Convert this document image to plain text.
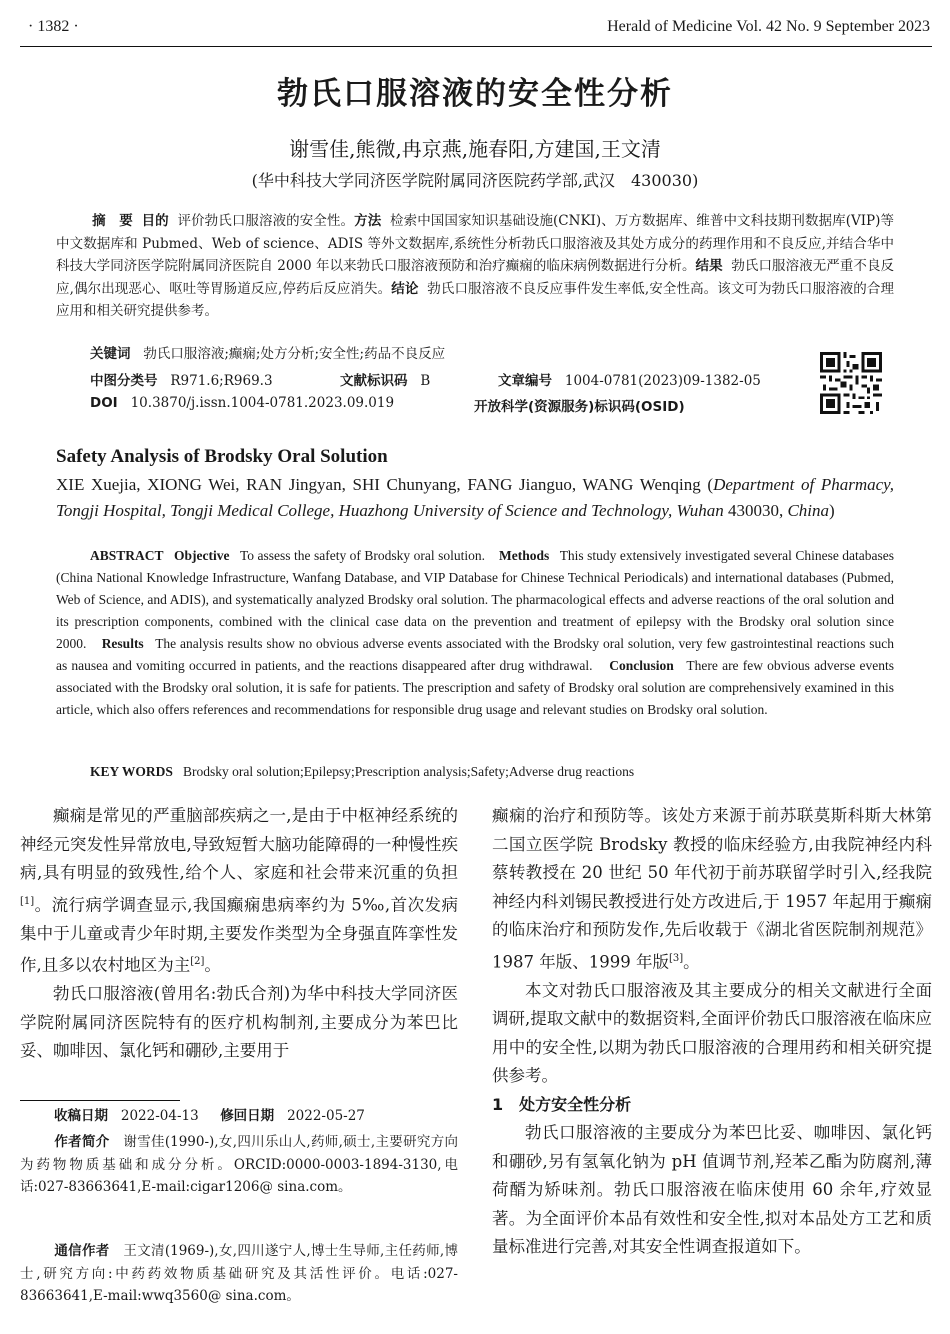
· 1382 ·	Herald of Medicine Vol. 42 No. 9 September 2023
勃氏口服溶液的安全性分析
谢雪佳,熊微,冉京燕,施春阳,方建国,王文清
(华中科技大学同济医学院附属同济医院药学部,武汉　430030)
摘　要 目的 评价勃氏口服溶液的安全性。方法 检索中国国家知识基础设施(CNKI)、万方数据库、维普中文科技期刊数据库(VIP)等中文数据库和 Pubmed、Web of science、ADIS 等外文数据库,系统性分析勃氏口服溶液及其处方成分的药理作用和不良反应,并结合华中科技大学同济医学院附属同济医院自 2000 年以来勃氏口服溶液预防和治疗癫痫的临床病例数据进行分析。结果 勃氏口服溶液无严重不良反应,偶尔出现恶心、呕吐等胃肠道反应,停药后反应消失。结论 勃氏口服溶液不良反应事件发生率低,安全性高。该文可为勃氏口服溶液的合理应用和相关研究提供参考。
关键词 勃氏口服溶液;癫痫;处方分析;安全性;药品不良反应
中图分类号 R971.6;R969.3	文献标识码 B	文章编号 1004-0781(2023)09-1382-05
DOI 10.3870/j.issn.1004-0781.2023.09.019	开放科学(资源服务)标识码(OSID)
Safety Analysis of Brodsky Oral Solution
XIE Xuejia, XIONG Wei, RAN Jingyan, SHI Chunyang, FANG Jianguo, WANG Wenqing (Department of Pharmacy, Tongji Hospital, Tongji Medical College, Huazhong University of Science and Technology, Wuhan 430030, China)
ABSTRACT Objective To assess the safety of Brodsky oral solution. Methods This study extensively investigated several Chinese databases (China National Knowledge Infrastructure, Wanfang Database, and VIP Database for Chinese Technical Periodicals) and international databases (Pubmed, Web of Science, and ADIS), and systematically analyzed Brodsky oral solution. The pharmacological effects and adverse reactions of the oral solution and its prescription components, combined with the clinical case data on the prevention and treatment of epilepsy with the Brodsky oral solution since 2000. Results The analysis results show no obvious adverse events associated with the Brodsky oral solution, very few gastrointestinal reactions such as nausea and vomiting occurred in patients, and the reactions disappeared after drug withdrawal. Conclusion There are few obvious adverse events associated with the Brodsky oral solution, it is safe for patients. The prescription and safety of Brodsky oral solution are comprehensively examined in this article, which also offers references and recommendations for responsible drug usage and relevant studies on Brodsky oral solution.
KEY WORDS Brodsky oral solution;Epilepsy;Prescription analysis;Safety;Adverse drug reactions

癫痫是常见的严重脑部疾病之一,是由于中枢神经系统的神经元突发性异常放电,导致短暂大脑功能障碍的一种慢性疾病,具有明显的致残性,给个人、家庭和社会带来沉重的负担[1]。流行病学调查显示,我国癫痫患病率约为 5‰,首次发病集中于儿童或青少年时期,主要发作类型为全身强直阵挛性发作,且多以农村地区为主[2]。

勃氏口服溶液(曾用名:勃氏合剂)为华中科技大学同济医学院附属同济医院特有的医疗机构制剂,主要成分为苯巴比妥、咖啡因、氯化钙和硼砂,主要用于

收稿日期 2022-04-13 修回日期 2022-05-27
作者简介 谢雪佳(1990-),女,四川乐山人,药师,硕士,主要研究方向为药物物质基础和成分分析。ORCID:0000-0003-1894-3130,电话:027-83663641,E-mail:cigar1206@ sina.com。
通信作者 王文清(1969-),女,四川遂宁人,博士生导师,主任药师,博士,研究方向:中药药效物质基础研究及其活性评价。电话:027-83663641,E-mail:wwq3560@ sina.com。

癫痫的治疗和预防等。该处方来源于前苏联莫斯科斯大林第二国立医学院 Brodsky 教授的临床经验方,由我院神经内科蔡转教授在 20 世纪 50 年代初于前苏联留学时引入,经我院神经内科刘锡民教授进行处方改进后,于 1957 年起用于癫痫的临床治疗和预防发作,先后收载于《湖北省医院制剂规范》1987 年版、1999 年版[3]。

本文对勃氏口服溶液及其主要成分的相关文献进行全面调研,提取文献中的数据资料,全面评价勃氏口服溶液在临床应用中的安全性,以期为勃氏口服溶液的合理用药和相关研究提供参考。

1　处方安全性分析

勃氏口服溶液的主要成分为苯巴比妥、咖啡因、氯化钙和硼砂,另有氢氧化钠为 pH 值调节剂,羟苯乙酯为防腐剂,薄荷醑为矫味剂。勃氏口服溶液在临床使用 60 余年,疗效显著。为全面评价本品有效性和安全性,拟对本品处方工艺和质量标准进行完善,对其安全性调查报道如下。
